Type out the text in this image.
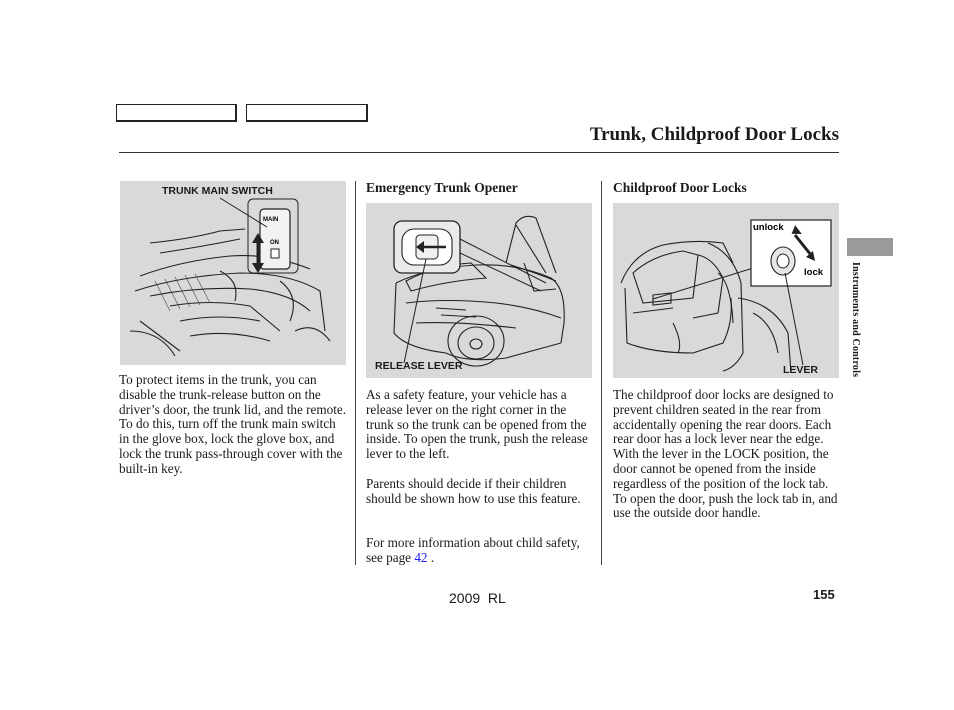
Trunk, Childproof Door Locks
MAIN
ON
TRUNK MAIN SWITCH

To protect items in the trunk, you can disable the trunk-release button on the driver’s door, the trunk lid, and the remote. To do this, turn off the trunk main switch in the glove box, lock the glove box, and lock the trunk pass-through cover with the built-in key.

Emergency Trunk Opener
RELEASE LEVER

As a safety feature, your vehicle has a release lever on the right corner in the trunk so the trunk can be opened from the inside. To open the trunk, push the release lever to the left.

Parents should decide if their children should be shown how to use this feature.

For more information about child safety, see page 42 .

Childproof Door Locks
unlock
lock
LEVER

The childproof door locks are designed to prevent children seated in the rear from accidentally opening the rear doors. Each rear door has a lock lever near the edge. With the lever in the LOCK position, the door cannot be opened from the inside regardless of the position of the lock tab. To open the door, push the lock tab in, and use the outside door handle.

Instruments and Controls
2009  RL	155
